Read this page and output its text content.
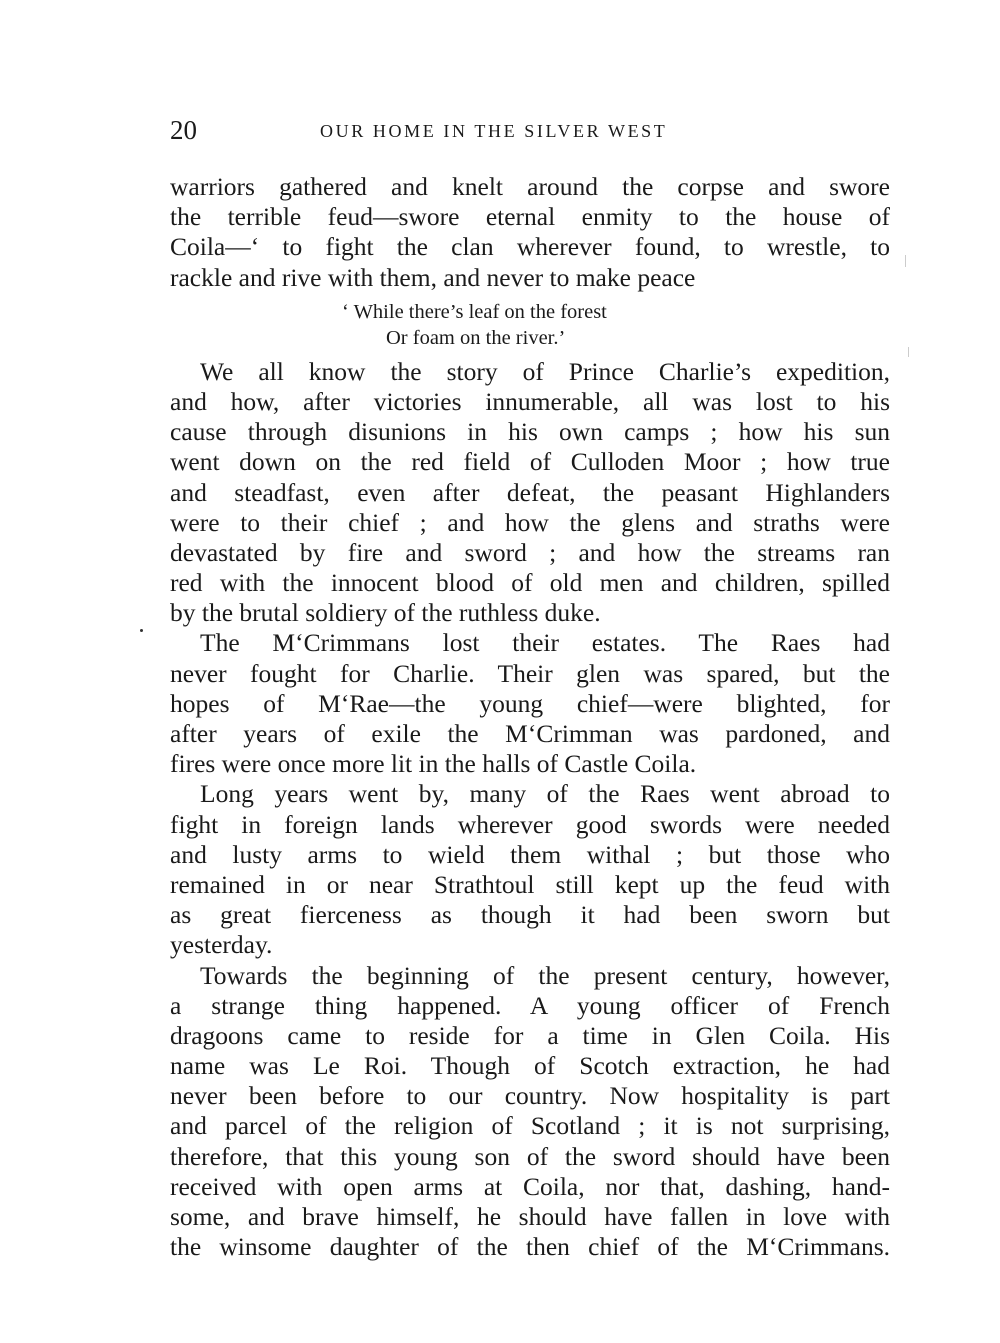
20	OUR HOME IN THE SILVER WEST
warriors gathered and knelt around the corpse and swore
the terrible feud—swore eternal enmity to the house of
Coila—‘ to fight the clan wherever found, to wrestle, to
rackle and rive with them, and never to make peace
‘ While there’s leaf on the forest
Or foam on the river.’
We all know the story of Prince Charlie’s expedition,
and how, after victories innumerable, all was lost to his
cause through disunions in his own camps ; how his sun
went down on the red field of Culloden Moor ; how true
and steadfast, even after defeat, the peasant Highlanders
were to their chief ; and how the glens and straths were
devastated by fire and sword ; and how the streams ran
red with the innocent blood of old men and children, spilled
by the brutal soldiery of the ruthless duke.
The M‘Crimmans lost their estates. The Raes had
never fought for Charlie. Their glen was spared, but the
hopes of M‘Rae—the young chief—were blighted, for
after years of exile the M‘Crimman was pardoned, and
fires were once more lit in the halls of Castle Coila.
Long years went by, many of the Raes went abroad to
fight in foreign lands wherever good swords were needed
and lusty arms to wield them withal ; but those who
remained in or near Strathtoul still kept up the feud with
as great fierceness as though it had been sworn but
yesterday.
Towards the beginning of the present century, however,
a strange thing happened. A young officer of French
dragoons came to reside for a time in Glen Coila. His
name was Le Roi. Though of Scotch extraction, he had
never been before to our country. Now hospitality is part
and parcel of the religion of Scotland ; it is not surprising,
therefore, that this young son of the sword should have been
received with open arms at Coila, nor that, dashing, hand-
some, and brave himself, he should have fallen in love with
the winsome daughter of the then chief of the M‘Crimmans.
